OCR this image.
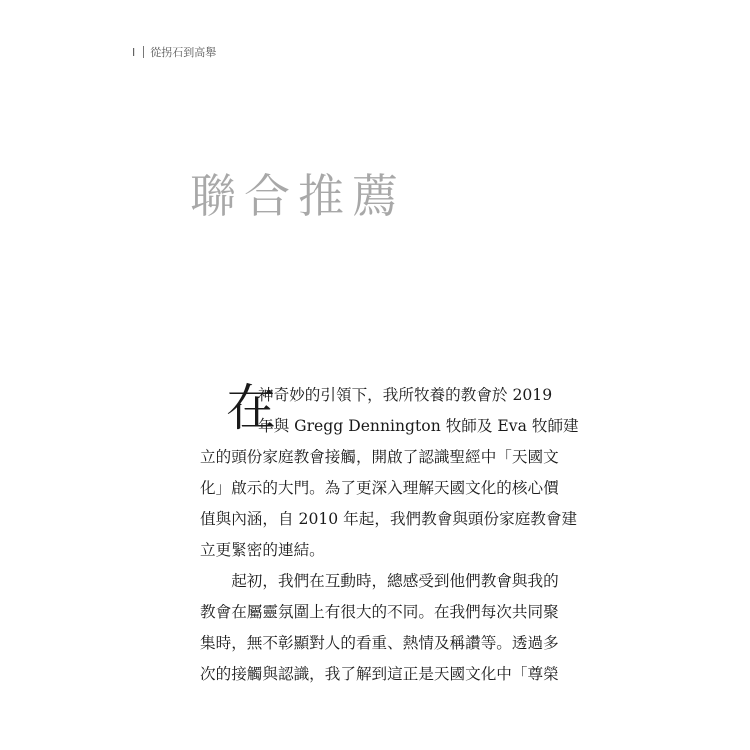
I 從拐石到高舉
聯合推薦

在
神奇妙的引領下，我所牧養的教會於 2019
年與 Gregg Dennington 牧師及 Eva 牧師建
立的頭份家庭教會接觸，開啟了認識聖經中「天國文
化」啟示的大門。為了更深入理解天國文化的核心價
值與內涵，自 2010 年起，我們教會與頭份家庭教會建
立更緊密的連結。

起初，我們在互動時，總感受到他們教會與我的
教會在屬靈氛圍上有很大的不同。在我們每次共同聚
集時，無不彰顯對人的看重、熱情及稱讚等。透過多
次的接觸與認識，我了解到這正是天國文化中「尊榮
